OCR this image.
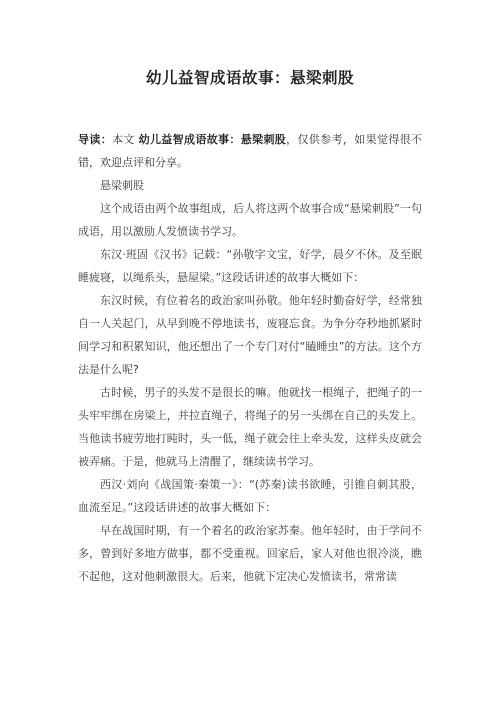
幼儿益智成语故事：悬梁刺股

导读：本文 幼儿益智成语故事：悬梁刺股，仅供参考，如果觉得很不错，欢迎点评和分享。

悬梁刺股

这个成语由两个故事组成，后人将这两个故事合成“悬梁刺股”一句成语，用以激励人发愤读书学习。

东汉·班固《汉书》记载：“孙敬字文宝，好学，晨夕不休。及至眠睡疲寝，以绳系头，悬屋梁。”这段话讲述的故事大概如下：

东汉时候，有位着名的政治家叫孙敬。他年轻时勤奋好学，经常独自一人关起门，从早到晚不停地读书，废寝忘食。为争分夺秒地抓紧时间学习和积累知识，他还想出了一个专门对付“瞌睡虫”的方法。这个方法是什么呢?

古时候，男子的头发不是很长的嘛。他就找一根绳子，把绳子的一头牢牢绑在房梁上，并拉直绳子，将绳子的另一头绑在自己的头发上。当他读书疲劳地打盹时，头一低，绳子就会往上牵头发，这样头皮就会被弄痛。于是，他就马上清醒了，继续读书学习。

西汉·刘向《战国策·秦策一》：“(苏秦)读书欲睡，引锥自刺其股，血流至足。”这段话讲述的故事大概如下：

早在战国时期，有一个着名的政治家苏秦。他年轻时，由于学问不多，曾到好多地方做事，都不受重视。回家后，家人对他也很冷淡，瞧不起他，这对他刺激很大。后来，他就下定决心发愤读书，常常读
